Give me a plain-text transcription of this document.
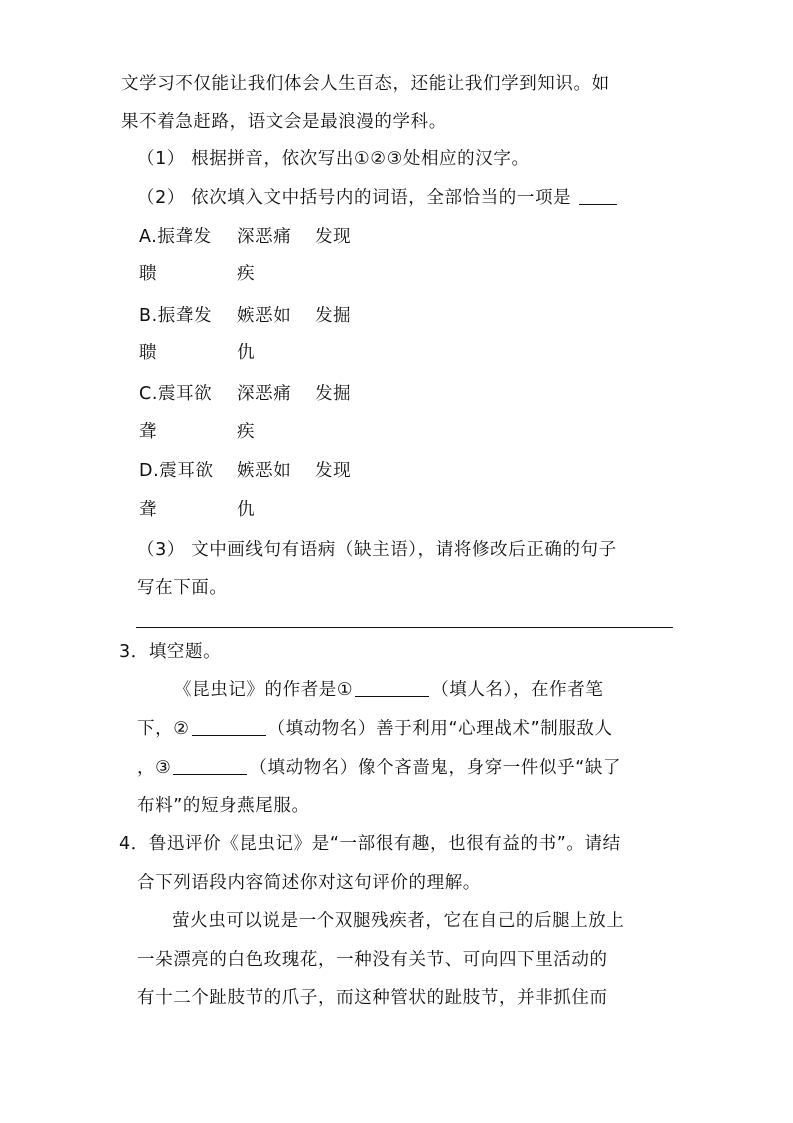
文学习不仅能让我们体会人生百态，还能让我们学到知识。如
果不着急赶路，语文会是最浪漫的学科。
（1） 根据拼音，依次写出①②③处相应的汉字。
（2） 依次填入文中括号内的词语，全部恰当的一项是
A.振聋发 深恶痛 发现
聩	疾
B.振聋发 嫉恶如 发掘
聩	仇
C.震耳欲 深恶痛 发掘
聋	疾
D.震耳欲 嫉恶如 发现
聋	仇
（3） 文中画线句有语病（缺主语），请将修改后正确的句子
写在下面。
3．填空题。
《昆虫记》的作者是①	（填人名），在作者笔
下，②	（填动物名）善于利用“心理战术”制服敌人
，③	（填动物名）像个吝啬鬼，身穿一件似乎“缺了
布料”的短身燕尾服。
4．鲁迅评价《昆虫记》是“一部很有趣，也很有益的书”。请结
合下列语段内容简述你对这句评价的理解。
萤火虫可以说是一个双腿残疾者，它在自己的后腿上放上
一朵漂亮的白色玫瑰花，一种没有关节、可向四下里活动的
有十二个趾肢节的爪子，而这种管状的趾肢节，并非抓住而
